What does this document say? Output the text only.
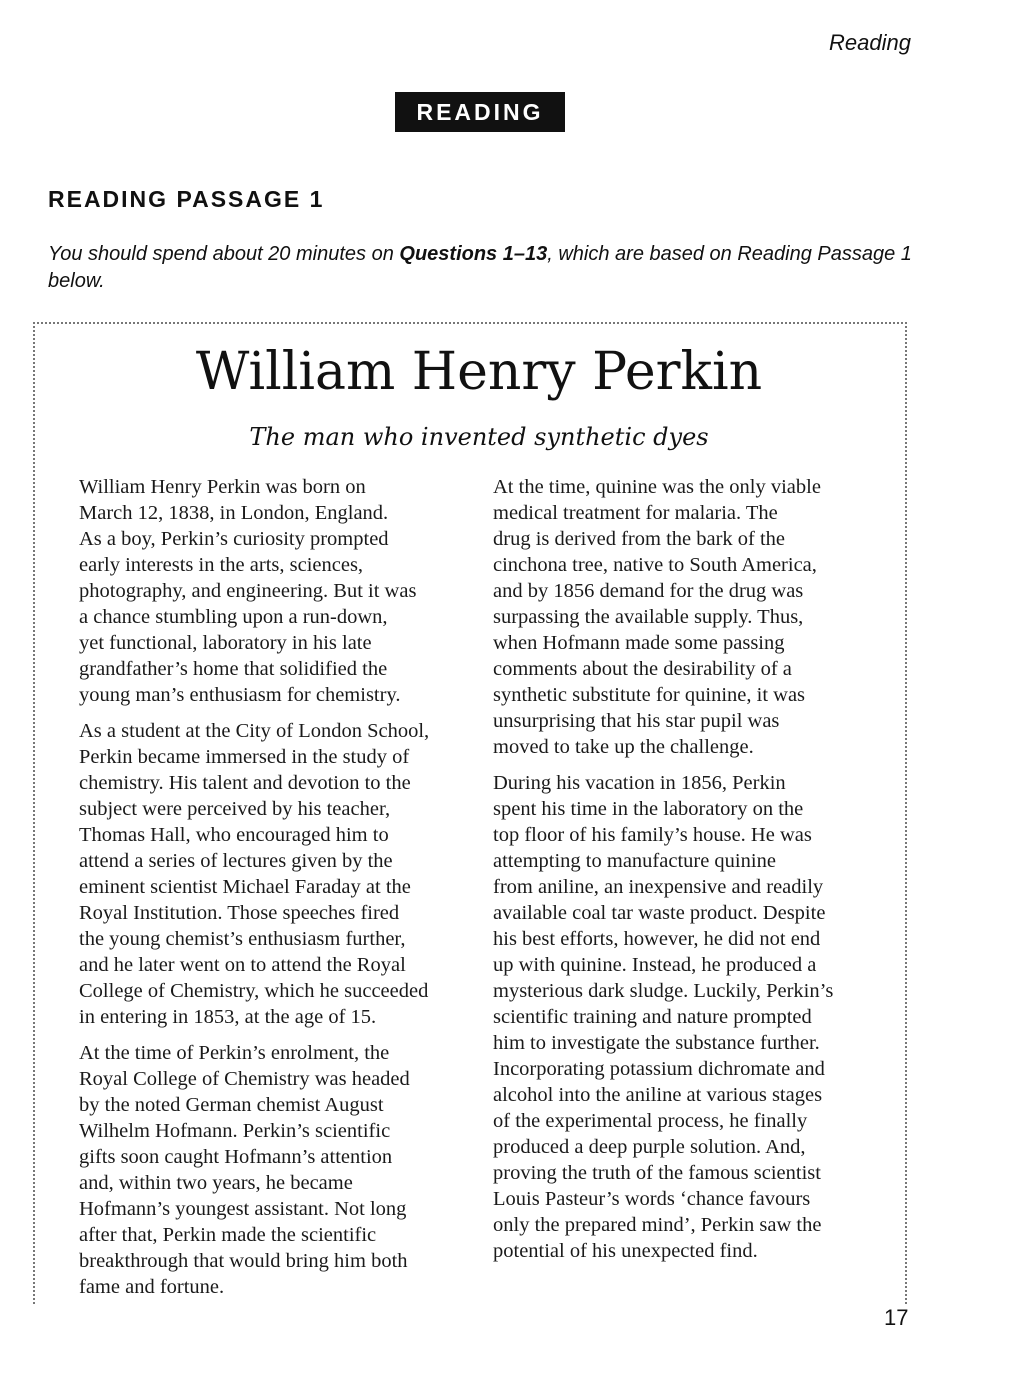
Reading
READING
READING PASSAGE 1
You should spend about 20 minutes on Questions 1–13, which are based on Reading Passage 1 below.
William Henry Perkin
The man who invented synthetic dyes

William Henry Perkin was born on
March 12, 1838, in London, England.
As a boy, Perkin’s curiosity prompted
early interests in the arts, sciences,
photography, and engineering. But it was
a chance stumbling upon a run-down,
yet functional, laboratory in his late
grandfather’s home that solidified the
young man’s enthusiasm for chemistry.

As a student at the City of London School,
Perkin became immersed in the study of
chemistry. His talent and devotion to the
subject were perceived by his teacher,
Thomas Hall, who encouraged him to
attend a series of lectures given by the
eminent scientist Michael Faraday at the
Royal Institution. Those speeches fired
the young chemist’s enthusiasm further,
and he later went on to attend the Royal
College of Chemistry, which he succeeded
in entering in 1853, at the age of 15.

At the time of Perkin’s enrolment, the
Royal College of Chemistry was headed
by the noted German chemist August
Wilhelm Hofmann. Perkin’s scientific
gifts soon caught Hofmann’s attention
and, within two years, he became
Hofmann’s youngest assistant. Not long
after that, Perkin made the scientific
breakthrough that would bring him both
fame and fortune.

At the time, quinine was the only viable
medical treatment for malaria. The
drug is derived from the bark of the
cinchona tree, native to South America,
and by 1856 demand for the drug was
surpassing the available supply. Thus,
when Hofmann made some passing
comments about the desirability of a
synthetic substitute for quinine, it was
unsurprising that his star pupil was
moved to take up the challenge.

During his vacation in 1856, Perkin
spent his time in the laboratory on the
top floor of his family’s house. He was
attempting to manufacture quinine
from aniline, an inexpensive and readily
available coal tar waste product. Despite
his best efforts, however, he did not end
up with quinine. Instead, he produced a
mysterious dark sludge. Luckily, Perkin’s
scientific training and nature prompted
him to investigate the substance further.
Incorporating potassium dichromate and
alcohol into the aniline at various stages
of the experimental process, he finally
produced a deep purple solution. And,
proving the truth of the famous scientist
Louis Pasteur’s words ‘chance favours
only the prepared mind’, Perkin saw the
potential of his unexpected find.

17
